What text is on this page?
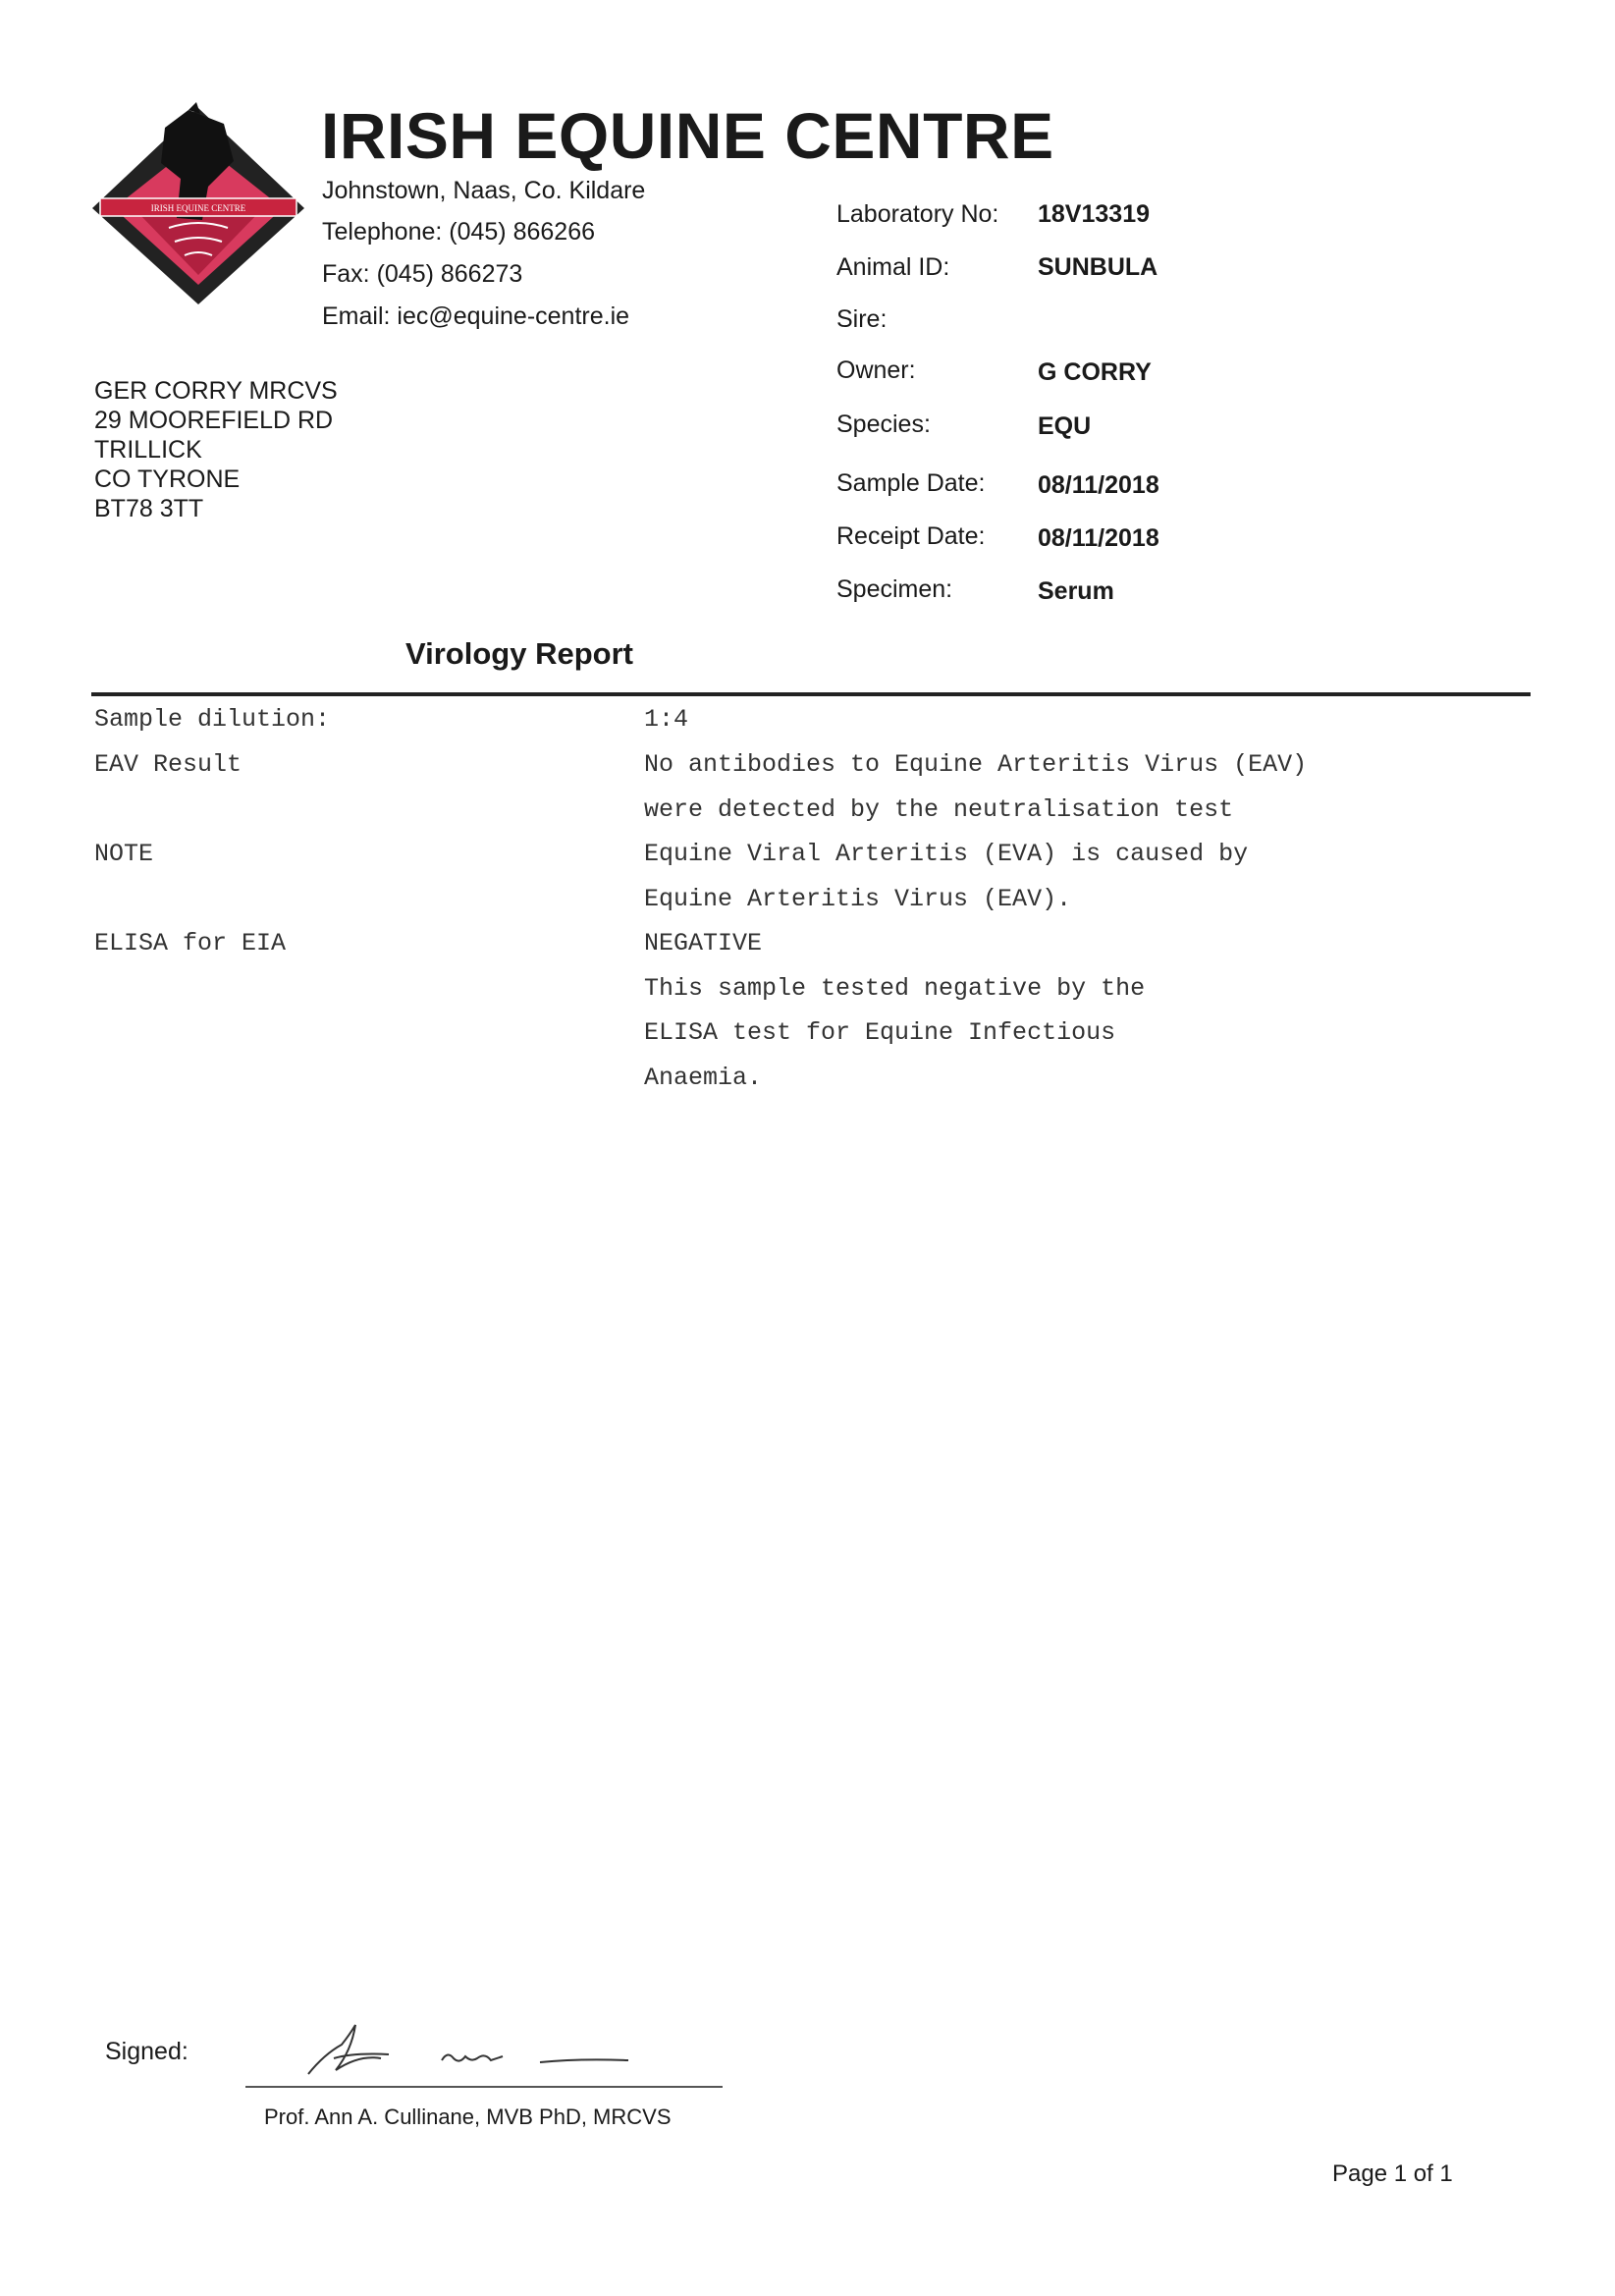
IRISH EQUINE CENTRE
IRISH EQUINE CENTRE
Johnstown, Naas, Co. Kildare
Telephone: (045) 866266
Fax: (045) 866273
Email: iec@equine-centre.ie
GER CORRY MRCVS
29 MOOREFIELD RD
TRILLICK
CO TYRONE
BT78 3TT
Laboratory No: 18V13319
Animal ID:	SUNBULA
Sire:
Owner:	G CORRY
Species:	EQU
Sample Date: 08/11/2018
Receipt Date: 08/11/2018
Specimen:	Serum
Virology Report
Sample dilution:	1:4
EAV Result	No antibodies to Equine Arteritis Virus (EAV)
were detected by the neutralisation test
NOTE	Equine Viral Arteritis (EVA) is caused by
Equine Arteritis Virus (EAV).
ELISA for EIA	NEGATIVE
This sample tested negative by the
ELISA test for Equine Infectious
Anaemia.
Signed:
Prof. Ann A. Cullinane, MVB PhD, MRCVS
Page 1 of 1
